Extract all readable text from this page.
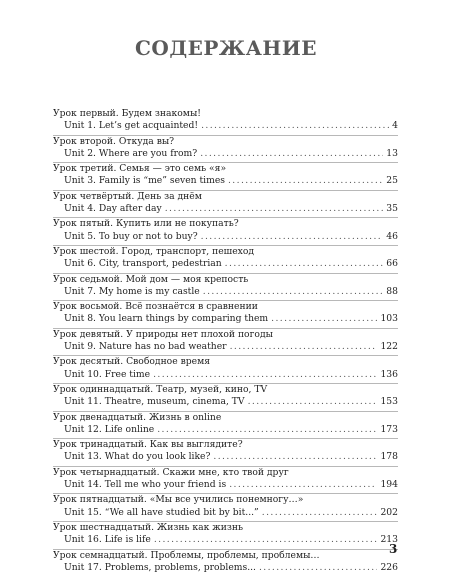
СОДЕРЖАНИЕ
Урок первый. Будем знакомы!
Unit 1. Let’s get acquainted! .....	4
Урок второй. Откуда вы?
Unit 2. Where are you from? .....	13
Урок третий. Семья — это семь «я»
Unit 3. Family is “me” seven times .....	25
Урок четвёртый. День за днём
Unit 4. Day after day .....	35
Урок пятый. Купить или не покупать?
Unit 5. To buy or not to buy? .....	46
Урок шестой. Город, транспорт, пешеход
Unit 6. City, transport, pedestrian .....	66
Урок седьмой. Мой дом — моя крепость
Unit 7. My home is my castle .....	88
Урок восьмой. Всё познаётся в сравнении
Unit 8. You learn things by comparing them .....	103
Урок девятый. У природы нет плохой погоды
Unit 9. Nature has no bad weather .....	122
Урок десятый. Свободное время
Unit 10. Free time .....	136
Урок одиннадцатый. Театр, музей, кино, TV
Unit 11. Theatre, museum, cinema, TV .....	153
Урок двенадцатый. Жизнь в online
Unit 12. Life online .....	173
Урок тринадцатый. Как вы выглядите?
Unit 13. What do you look like? .....	178
Урок четырнадцатый. Скажи мне, кто твой друг
Unit 14. Tell me who your friend is .....	194
Урок пятнадцатый. «Мы все учились понемногу…»
Unit 15. “We all have studied bit by bit...” .....	202
Урок шестнадцатый. Жизнь как жизнь
Unit 16. Life is life .....	213
Урок семнадцатый. Проблемы, проблемы, проблемы…
Unit 17. Problems, problems, problems... .....	226
3
